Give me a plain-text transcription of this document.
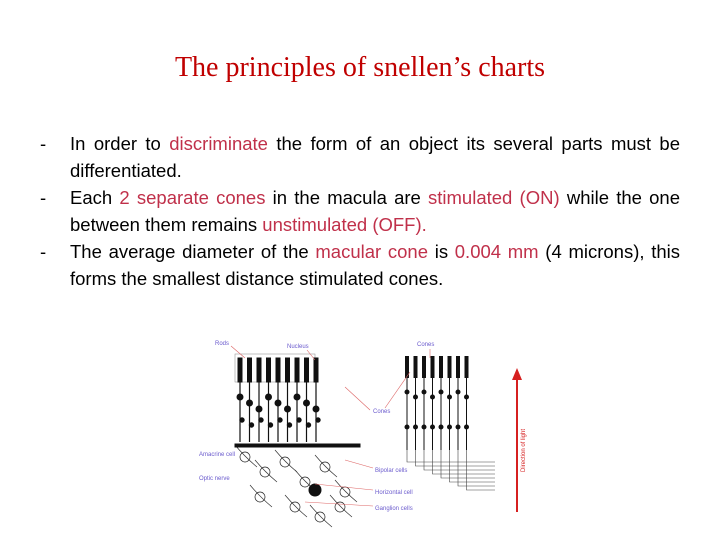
The principles of snellen’s charts
- In order to discriminate the form of an object its several parts must be differentiated.
- Each 2 separate cones in the macula are stimulated (ON) while the one between them remains unstimulated (OFF).
- The average diameter of the macular cone is 0.004 mm (4 microns), this forms the smallest distance stimulated cones.
Rods	Nucleus	Cones
Cones
Amacrine cell
Optic nerve
Bipolar cells
Horizontal cell
Ganglion cells
Direction of light
